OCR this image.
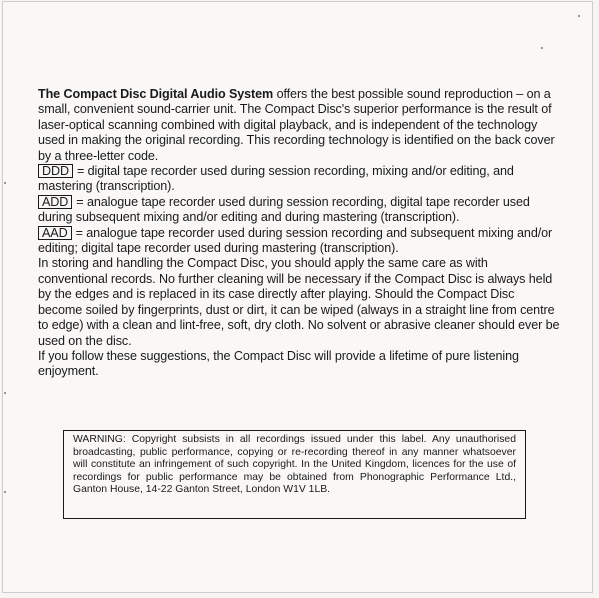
The Compact Disc Digital Audio System offers the best possible sound reproduction – on a small, convenient sound-carrier unit. The Compact Disc's superior performance is the result of laser-optical scanning combined with digital playback, and is independent of the technology used in making the original recording. This recording technology is identified on the back cover by a three-letter code.

DDD = digital tape recorder used during session recording, mixing and/or editing, and mastering (transcription).

ADD = analogue tape recorder used during session recording, digital tape recorder used during subsequent mixing and/or editing and during mastering (transcription).

AAD = analogue tape recorder used during session recording and subsequent mixing and/or editing; digital tape recorder used during mastering (transcription).

In storing and handling the Compact Disc, you should apply the same care as with conventional records. No further cleaning will be necessary if the Compact Disc is always held by the edges and is replaced in its case directly after playing. Should the Compact Disc become soiled by fingerprints, dust or dirt, it can be wiped (always in a straight line from centre to edge) with a clean and lint-free, soft, dry cloth. No solvent or abrasive cleaner should ever be used on the disc.

If you follow these suggestions, the Compact Disc will provide a lifetime of pure listening enjoyment.

WARNING: Copyright subsists in all recordings issued under this label. Any unauthorised broadcasting, public performance, copying or re-recording thereof in any manner whatsoever will constitute an infringement of such copyright. In the United Kingdom, licences for the use of recordings for public performance may be obtained from Phonographic Performance Ltd., Ganton House, 14-22 Ganton Street, London W1V 1LB.
